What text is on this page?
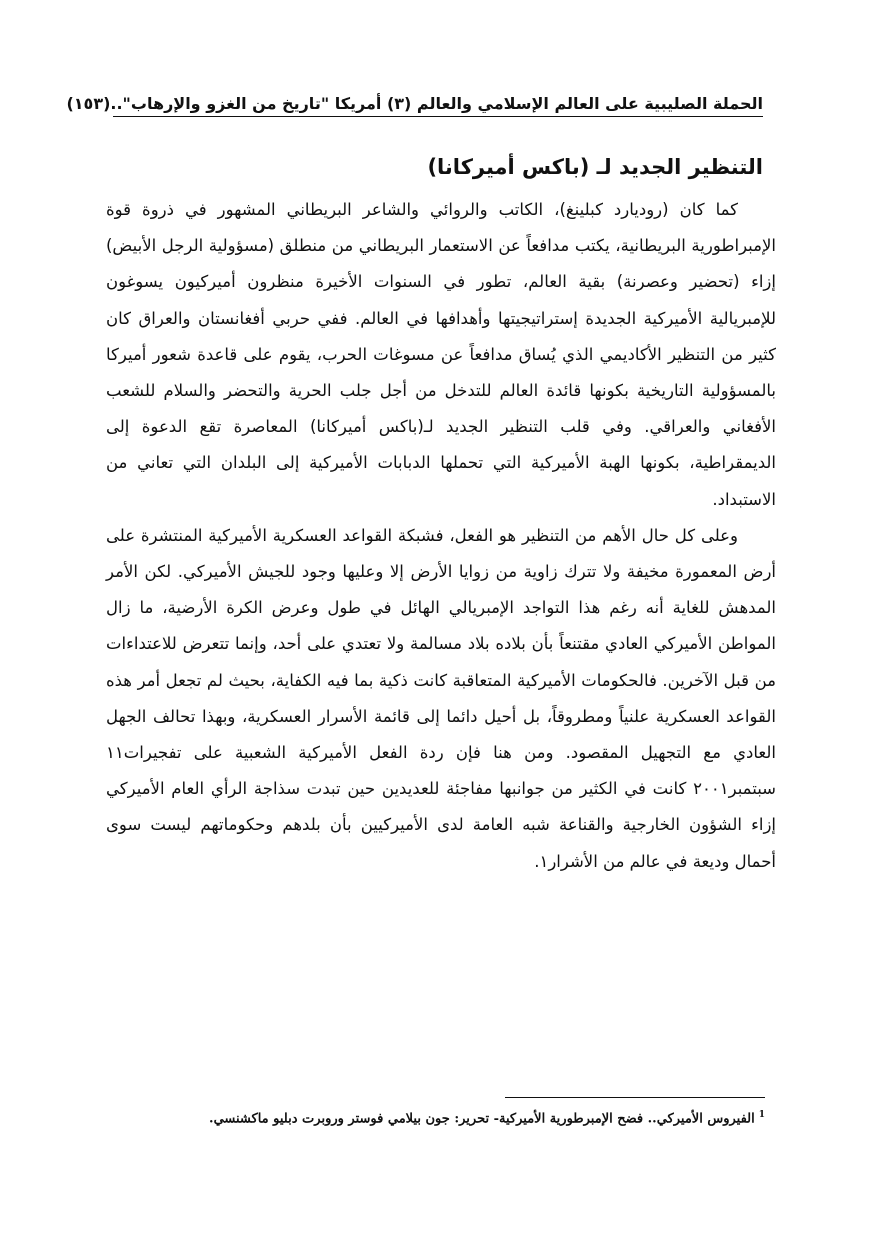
الحملة الصليبية على العالم الإسلامي والعالم (٣) أمريكا "تاريخ من الغزو والإرهاب"..
(١٥٣)
التنظير الجديد لـ (باكس أميركانا)

كما كان (روديارد كبلينغ)، الكاتب والروائي والشاعر البريطاني المشهور في ذروة قوة الإمبراطورية البريطانية، يكتب مدافعاً عن الاستعمار البريطاني من منطلق (مسؤولية الرجل الأبيض) إزاء (تحضير وعصرنة) بقية العالم، تطور في السنوات الأخيرة منظرون أميركيون يسوغون للإمبريالية الأميركية الجديدة إستراتيجيتها وأهدافها في العالم. ففي حربي أفغانستان والعراق كان كثير من التنظير الأكاديمي الذي يُساق مدافعاً عن مسوغات الحرب، يقوم على قاعدة شعور أميركا بالمسؤولية التاريخية بكونها قائدة العالم للتدخل من أجل جلب الحرية والتحضر والسلام للشعب الأفغاني والعراقي. وفي قلب التنظير الجديد لـ(باكس أميركانا) المعاصرة تقع الدعوة إلى الديمقراطية، بكونها الهبة الأميركية التي تحملها الدبابات الأميركية إلى البلدان التي تعاني من الاستبداد.

وعلى كل حال الأهم من التنظير هو الفعل، فشبكة القواعد العسكرية الأميركية المنتشرة على أرض المعمورة مخيفة ولا تترك زاوية من زوايا الأرض إلا وعليها وجود للجيش الأميركي. لكن الأمر المدهش للغاية أنه رغم هذا التواجد الإمبريالي الهائل في طول وعرض الكرة الأرضية، ما زال المواطن الأميركي العادي مقتنعاً بأن بلاده بلاد مسالمة ولا تعتدي على أحد، وإنما تتعرض للاعتداءات من قبل الآخرين. فالحكومات الأميركية المتعاقبة كانت ذكية بما فيه الكفاية، بحيث لم تجعل أمر هذه القواعد العسكرية علنياً ومطروقاً، بل أحيل دائما إلى قائمة الأسرار العسكرية، وبهذا تحالف الجهل العادي مع التجهيل المقصود. ومن هنا فإن ردة الفعل الأميركية الشعبية على تفجيرات١١ سبتمبر٢٠٠١ كانت في الكثير من جوانبها مفاجئة للعديدين حين تبدت سذاجة الرأي العام الأميركي إزاء الشؤون الخارجية والقناعة شبه العامة لدى الأميركيين بأن بلدهم وحكوماتهم ليست سوى أحمال وديعة في عالم من الأشرار١.

$^1$الفيروس الأميركي.. فضح الإمبرطورية الأميركية- تحرير: جون بيلامي فوستر وروبرت دبليو ماكشنسي.
